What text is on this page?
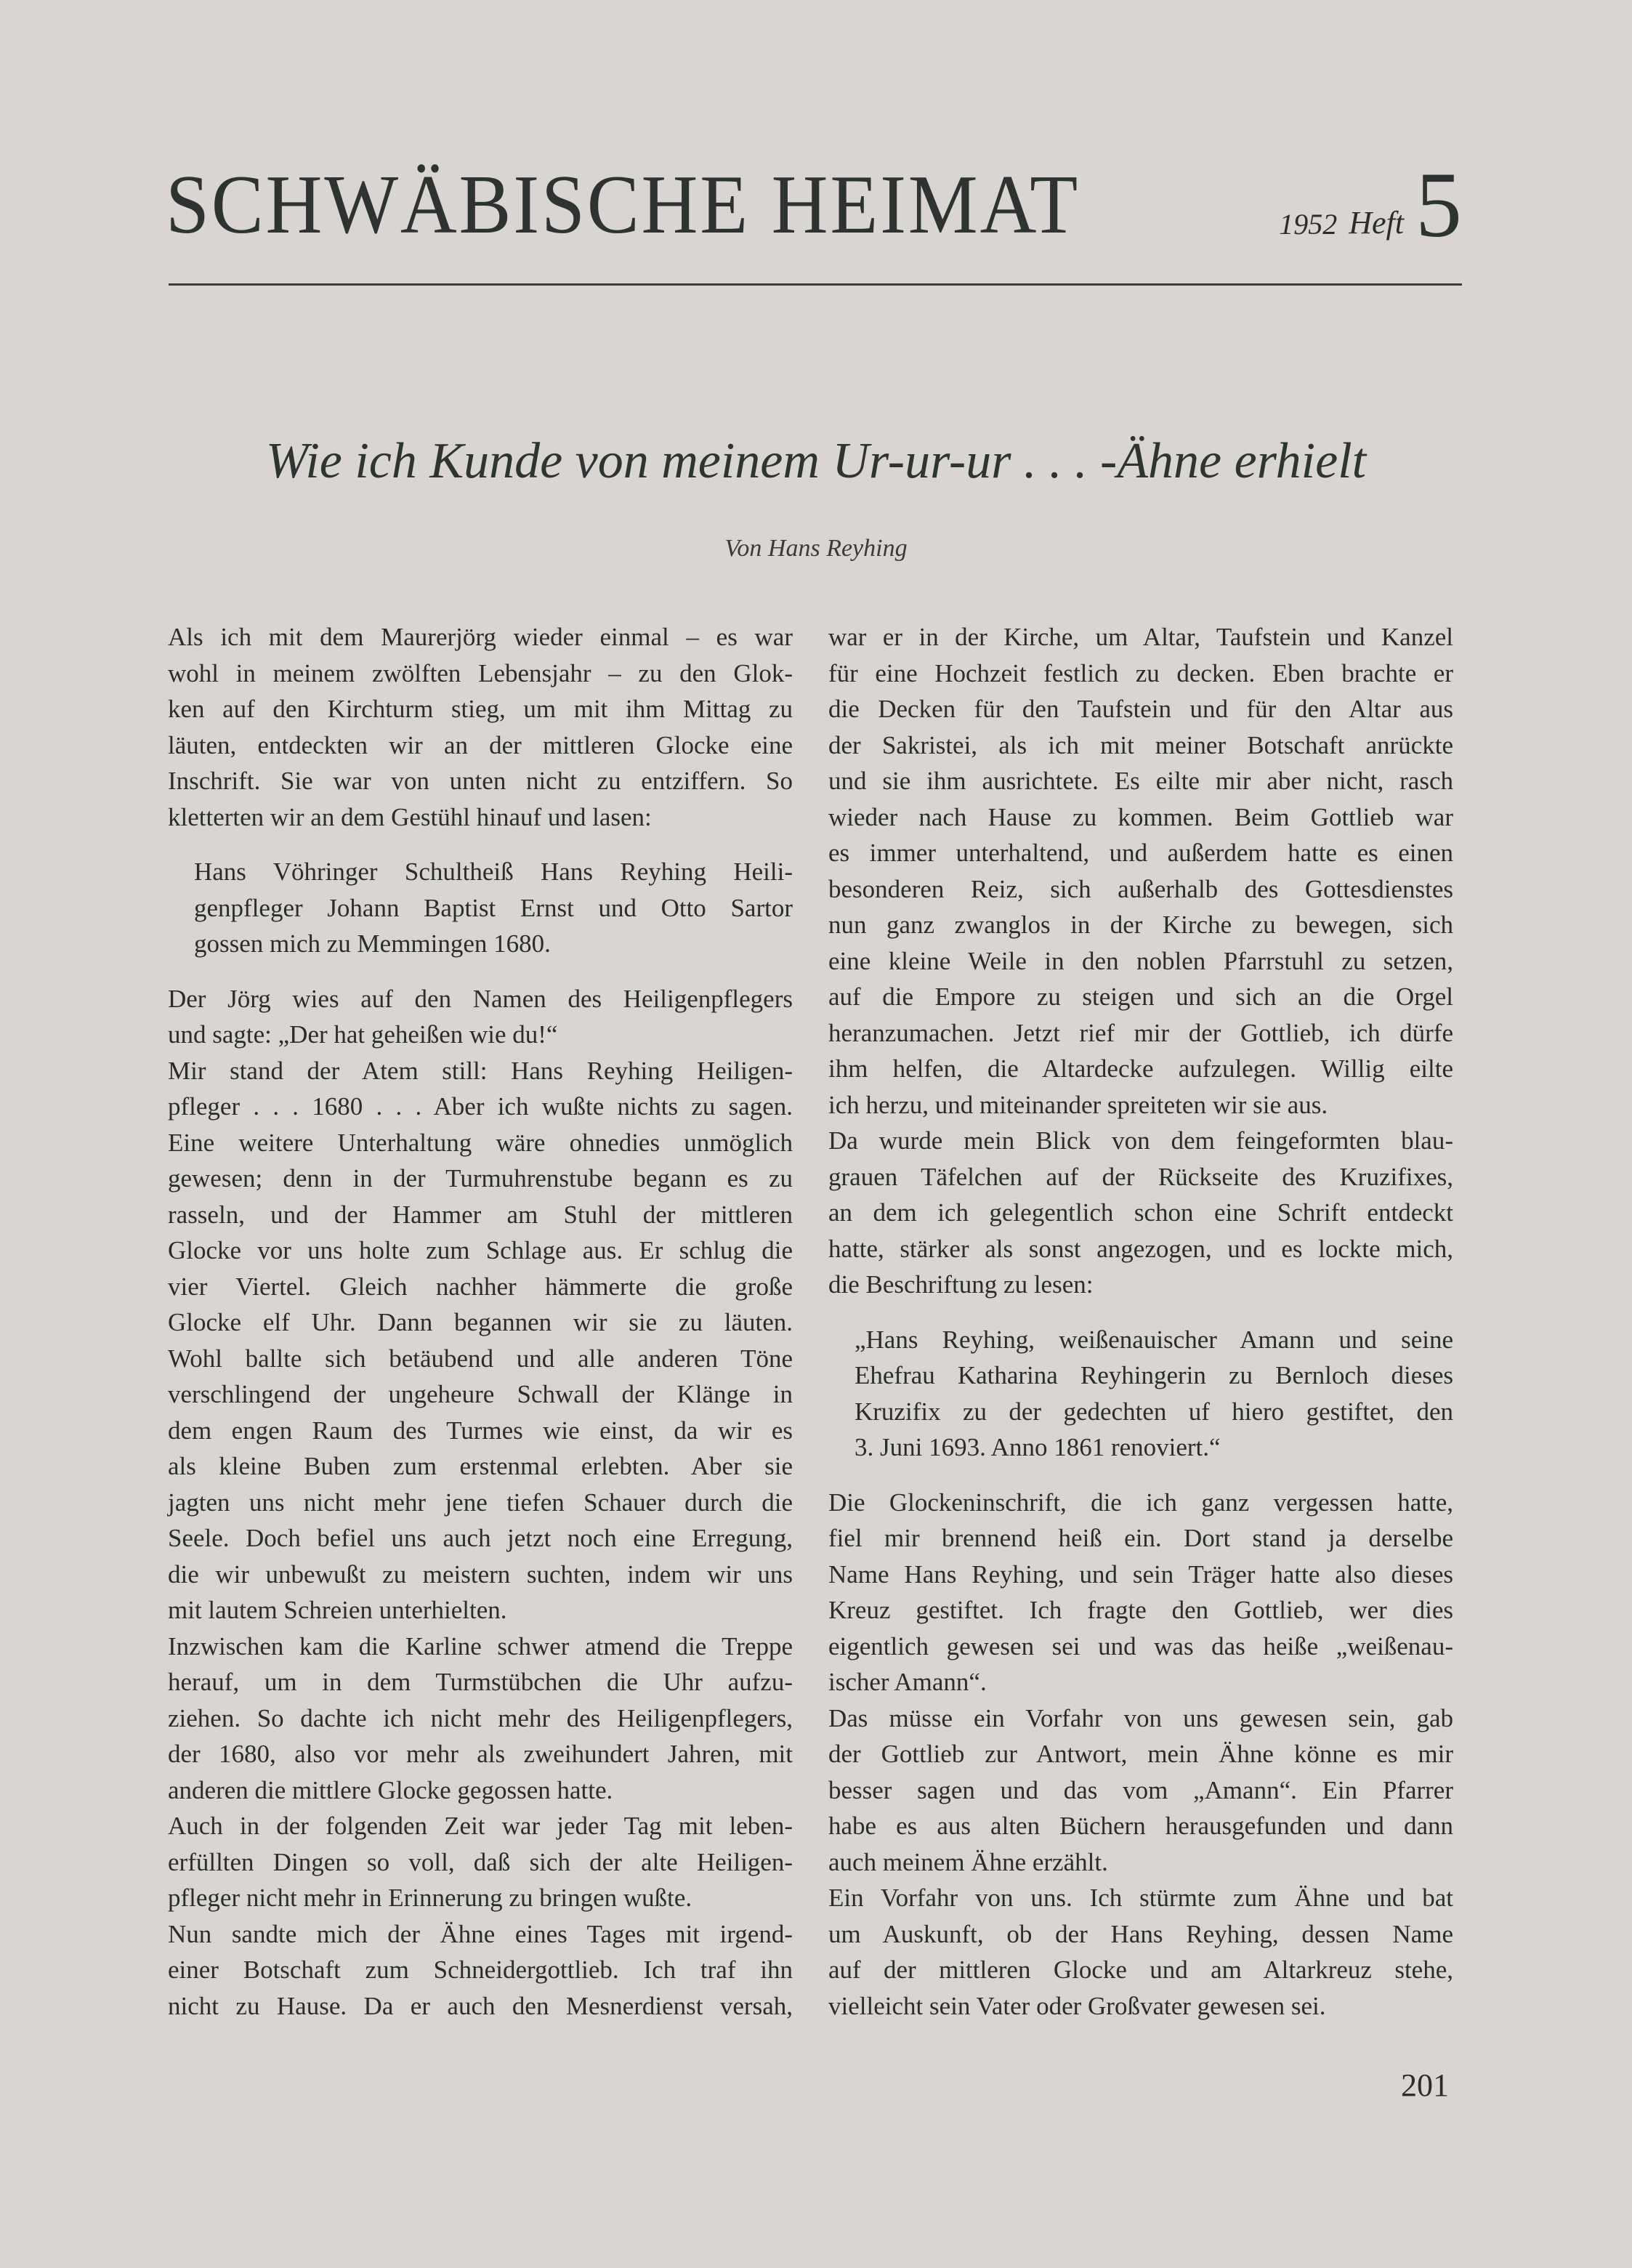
SCHWÄBISCHE HEIMAT	1952 Heft 5
Wie ich Kunde von meinem Ur-ur-ur . . . -Ähne erhielt
Von Hans Reyhing
Als ich mit dem Maurerjörg wieder einmal – es war
wohl in meinem zwölften Lebensjahr – zu den Glok-
ken auf den Kirchturm stieg, um mit ihm Mittag zu
läuten, entdeckten wir an der mittleren Glocke eine
Inschrift. Sie war von unten nicht zu entziffern. So
kletterten wir an dem Gestühl hinauf und lasen:
Hans Vöhringer Schultheiß Hans Reyhing Heili-
genpfleger Johann Baptist Ernst und Otto Sartor
gossen mich zu Memmingen 1680.
Der Jörg wies auf den Namen des Heiligenpflegers
und sagte: „Der hat geheißen wie du!“
Mir stand der Atem still: Hans Reyhing Heiligen-
pfleger . . . 1680 . . . Aber ich wußte nichts zu sagen.
Eine weitere Unterhaltung wäre ohnedies unmöglich
gewesen; denn in der Turmuhrenstube begann es zu
rasseln, und der Hammer am Stuhl der mittleren
Glocke vor uns holte zum Schlage aus. Er schlug die
vier Viertel. Gleich nachher hämmerte die große
Glocke elf Uhr. Dann begannen wir sie zu läuten.
Wohl ballte sich betäubend und alle anderen Töne
verschlingend der ungeheure Schwall der Klänge in
dem engen Raum des Turmes wie einst, da wir es
als kleine Buben zum erstenmal erlebten. Aber sie
jagten uns nicht mehr jene tiefen Schauer durch die
Seele. Doch befiel uns auch jetzt noch eine Erregung,
die wir unbewußt zu meistern suchten, indem wir uns
mit lautem Schreien unterhielten.
Inzwischen kam die Karline schwer atmend die Treppe
herauf, um in dem Turmstübchen die Uhr aufzu-
ziehen. So dachte ich nicht mehr des Heiligenpflegers,
der 1680, also vor mehr als zweihundert Jahren, mit
anderen die mittlere Glocke gegossen hatte.
Auch in der folgenden Zeit war jeder Tag mit leben-
erfüllten Dingen so voll, daß sich der alte Heiligen-
pfleger nicht mehr in Erinnerung zu bringen wußte.
Nun sandte mich der Ähne eines Tages mit irgend-
einer Botschaft zum Schneidergottlieb. Ich traf ihn
nicht zu Hause. Da er auch den Mesnerdienst versah,
war er in der Kirche, um Altar, Taufstein und Kanzel
für eine Hochzeit festlich zu decken. Eben brachte er
die Decken für den Taufstein und für den Altar aus
der Sakristei, als ich mit meiner Botschaft anrückte
und sie ihm ausrichtete. Es eilte mir aber nicht, rasch
wieder nach Hause zu kommen. Beim Gottlieb war
es immer unterhaltend, und außerdem hatte es einen
besonderen Reiz, sich außerhalb des Gottesdienstes
nun ganz zwanglos in der Kirche zu bewegen, sich
eine kleine Weile in den noblen Pfarrstuhl zu setzen,
auf die Empore zu steigen und sich an die Orgel
heranzumachen. Jetzt rief mir der Gottlieb, ich dürfe
ihm helfen, die Altardecke aufzulegen. Willig eilte
ich herzu, und miteinander spreiteten wir sie aus.
Da wurde mein Blick von dem feingeformten blau-
grauen Täfelchen auf der Rückseite des Kruzifixes,
an dem ich gelegentlich schon eine Schrift entdeckt
hatte, stärker als sonst angezogen, und es lockte mich,
die Beschriftung zu lesen:
„Hans Reyhing, weißenauischer Amann und seine
Ehefrau Katharina Reyhingerin zu Bernloch dieses
Kruzifix zu der gedechten uf hiero gestiftet, den
3. Juni 1693. Anno 1861 renoviert.“
Die Glockeninschrift, die ich ganz vergessen hatte,
fiel mir brennend heiß ein. Dort stand ja derselbe
Name Hans Reyhing, und sein Träger hatte also dieses
Kreuz gestiftet. Ich fragte den Gottlieb, wer dies
eigentlich gewesen sei und was das heiße „weißenau-
ischer Amann“.
Das müsse ein Vorfahr von uns gewesen sein, gab
der Gottlieb zur Antwort, mein Ähne könne es mir
besser sagen und das vom „Amann“. Ein Pfarrer
habe es aus alten Büchern herausgefunden und dann
auch meinem Ähne erzählt.
Ein Vorfahr von uns. Ich stürmte zum Ähne und bat
um Auskunft, ob der Hans Reyhing, dessen Name
auf der mittleren Glocke und am Altarkreuz stehe,
vielleicht sein Vater oder Großvater gewesen sei.
201
